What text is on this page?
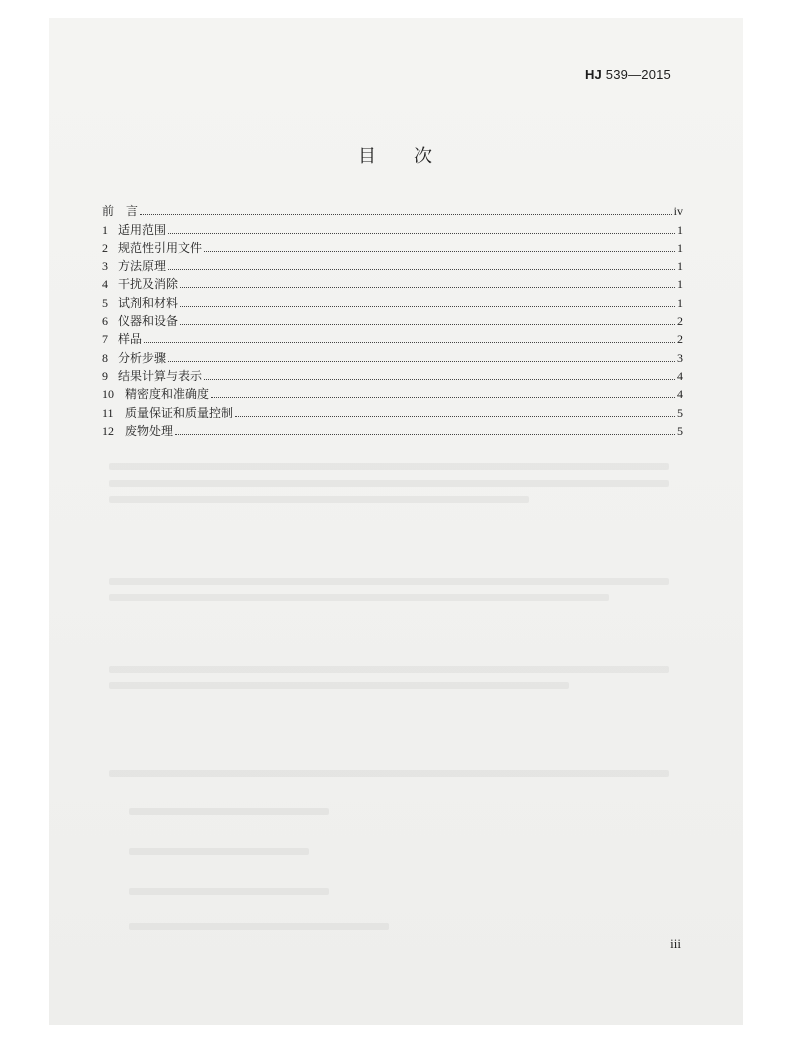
HJ 539—2015
目 次
前　言	iv
1 适用范围	1
2 规范性引用文件	1
3 方法原理	1
4 干扰及消除	1
5 试剂和材料	1
6 仪器和设备	2
7 样品	2
8 分析步骤	3
9 结果计算与表示	4
10 精密度和准确度	4
11 质量保证和质量控制	5
12 废物处理	5
iii
